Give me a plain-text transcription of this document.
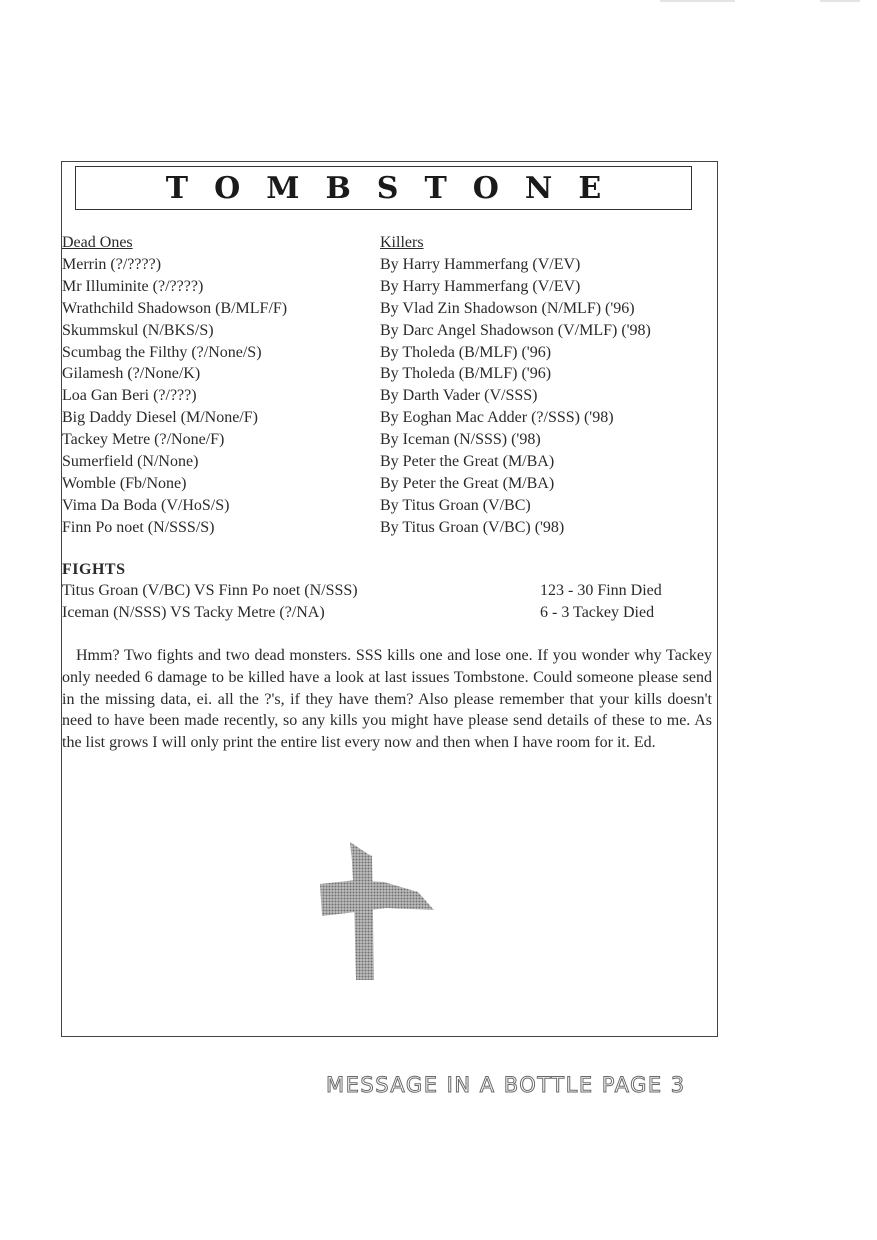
TOMBSTONE
Dead Ones
Merrin (?/????)
Mr Illuminite (?/????)
Wrathchild Shadowson (B/MLF/F)
Skummskul (N/BKS/S)
Scumbag the Filthy (?/None/S)
Gilamesh (?/None/K)
Loa Gan Beri (?/???)
Big Daddy Diesel (M/None/F)
Tackey Metre (?/None/F)
Sumerfield (N/None)
Womble (Fb/None)
Vima Da Boda (V/HoS/S)
Finn Po noet (N/SSS/S)
Killers
By Harry Hammerfang (V/EV)
By Harry Hammerfang (V/EV)
By Vlad Zin Shadowson (N/MLF) ('96)
By Darc Angel Shadowson (V/MLF) ('98)
By Tholeda (B/MLF) ('96)
By Tholeda (B/MLF) ('96)
By Darth Vader (V/SSS)
By Eoghan Mac Adder (?/SSS) ('98)
By Iceman (N/SSS) ('98)
By Peter the Great (M/BA)
By Peter the Great (M/BA)
By Titus Groan (V/BC)
By Titus Groan (V/BC) ('98)
FIGHTS
Titus Groan (V/BC) VS Finn Po noet (N/SSS)	123 - 30 Finn Died
Iceman (N/SSS) VS Tacky Metre (?/NA)	6 - 3 Tackey Died
Hmm? Two fights and two dead monsters. SSS kills one and lose one. If you wonder why Tackey only needed 6 damage to be killed have a look at last issues Tombstone. Could someone please send in the missing data, ei. all the ?'s, if they have them? Also please remember that your kills doesn't need to have been made recently, so any kills you might have please send details of these to me. As the list grows I will only print the entire list every now and then when I have room for it. Ed.
MESSAGE IN A BOTTLE PAGE 3
